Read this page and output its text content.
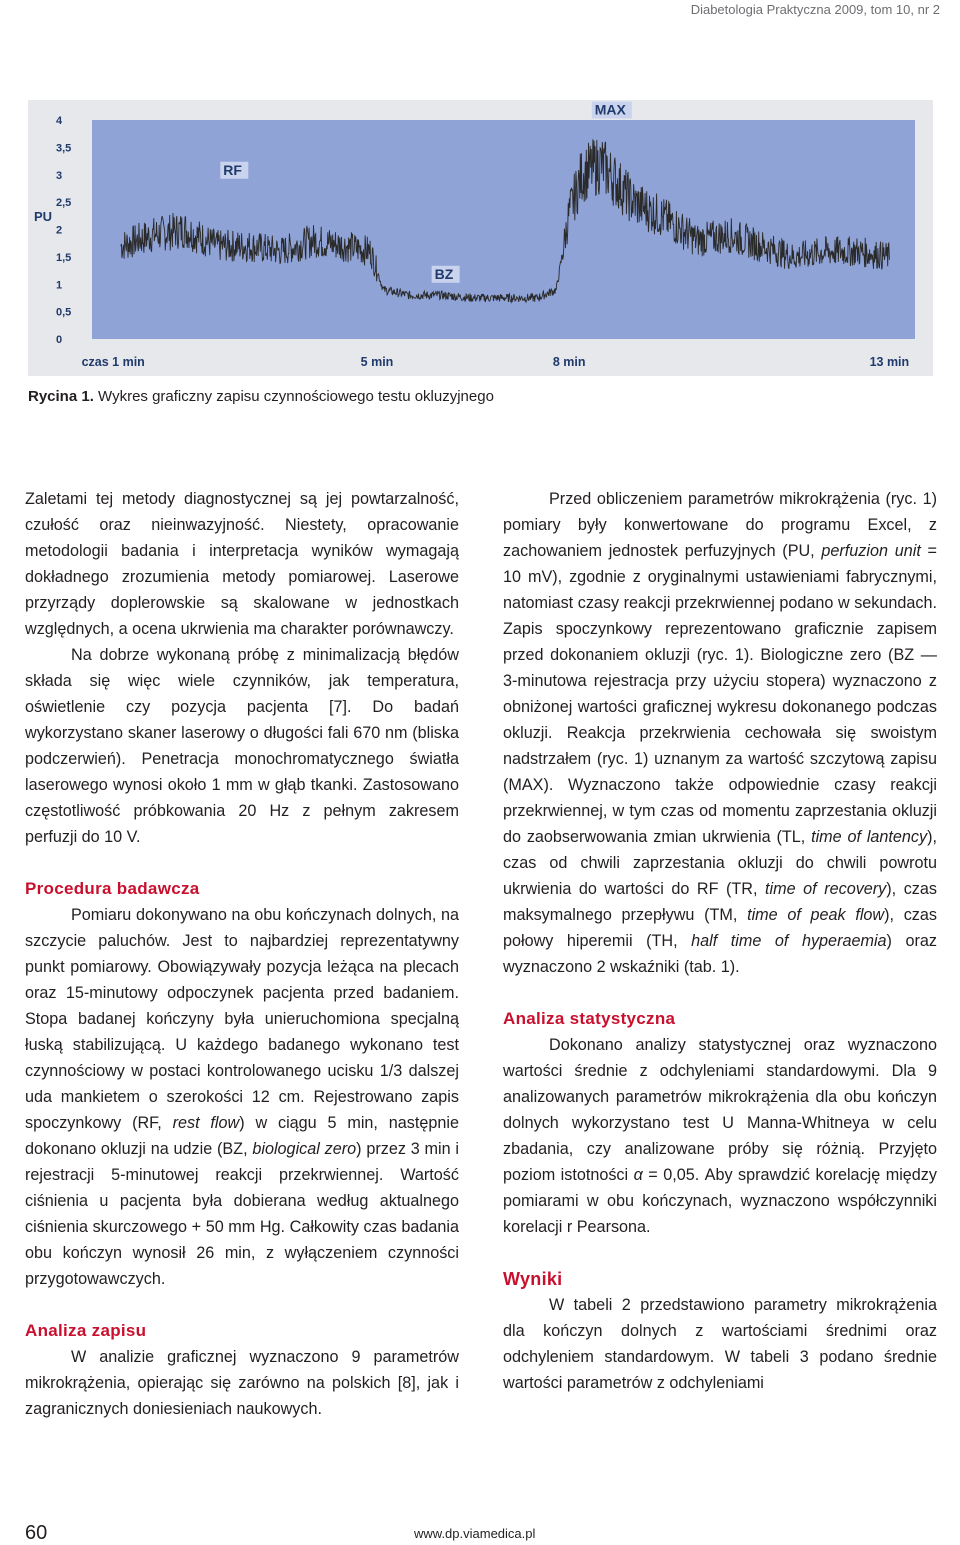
Diabetologia Praktyczna 2009, tom 10, nr 2
4
3,5
3
2,5
2
1,5
1
0,5
0
PU
czas 1 min	5 min	8 min	13 min
RF
BZ
MAX
Rycina 1. Wykres graficzny zapisu czynnościowego testu okluzyjnego

Zaletami tej metody diagnostycznej są jej powtarzalność, czułość oraz nieinwazyjność. Niestety, opracowanie metodologii badania i interpretacja wyników wymagają dokładnego zrozumienia metody pomiarowej. Laserowe przyrządy doplerowskie są skalowane w jednostkach względnych, a ocena ukrwienia ma charakter porównawczy.

Na dobrze wykonaną próbę z minimalizacją błędów składa się więc wiele czynników, jak temperatura, oświetlenie czy pozycja pacjenta [7]. Do badań wykorzystano skaner laserowy o długości fali 670 nm (bliska podczerwień). Penetracja monochromatycznego światła laserowego wynosi około 1 mm w głąb tkanki. Zastosowano częstotliwość próbkowania 20 Hz z pełnym zakresem perfuzji do 10 V.

Procedura badawcza

Pomiaru dokonywano na obu kończynach dolnych, na szczycie paluchów. Jest to najbardziej reprezentatywny punkt pomiarowy. Obowiązywały pozycja leżąca na plecach oraz 15-minutowy odpoczynek pacjenta przed badaniem. Stopa badanej kończyny była unieruchomiona specjalną łuską stabilizującą. U każdego badanego wykonano test czynnościowy w postaci kontrolowanego ucisku 1/3 dalszej uda mankietem o szerokości 12 cm. Rejestrowano zapis spoczynkowy (RF, rest flow) w ciągu 5 min, następnie dokonano okluzji na udzie (BZ, biological zero) przez 3 min i rejestracji 5-minutowej reakcji przekrwiennej. Wartość ciśnienia u pacjenta była dobierana według aktualnego ciśnienia skurczowego + 50 mm Hg. Całkowity czas badania obu kończyn wynosił 26 min, z wyłączeniem czynności przygotowawczych.

Analiza zapisu

W analizie graficznej wyznaczono 9 parametrów mikrokrążenia, opierając się zarówno na polskich [8], jak i zagranicznych doniesieniach naukowych.

Przed obliczeniem parametrów mikrokrążenia (ryc. 1) pomiary były konwertowane do programu Excel, z zachowaniem jednostek perfuzyjnych (PU, perfuzion unit = 10 mV), zgodnie z oryginalnymi ustawieniami fabrycznymi, natomiast czasy reakcji przekrwiennej podano w sekundach. Zapis spoczynkowy reprezentowano graficznie zapisem przed dokonaniem okluzji (ryc. 1). Biologiczne zero (BZ — 3-minutowa rejestracja przy użyciu stopera) wyznaczono z obniżonej wartości graficznej wykresu dokonanego podczas okluzji. Reakcja przekrwienia cechowała się swoistym nadstrzałem (ryc. 1) uznanym za wartość szczytową zapisu (MAX). Wyznaczono także odpowiednie czasy reakcji przekrwiennej, w tym czas od momentu zaprzestania okluzji do zaobserwowania zmian ukrwienia (TL, time of lantency), czas od chwili zaprzestania okluzji do chwili powrotu ukrwienia do wartości do RF (TR, time of recovery), czas maksymalnego przepływu (TM, time of peak flow), czas połowy hiperemii (TH, half time of hyperaemia) oraz wyznaczono 2 wskaźniki (tab. 1).

Analiza statystyczna

Dokonano analizy statystycznej oraz wyznaczono wartości średnie z odchyleniami standardowymi. Dla 9 analizowanych parametrów mikrokrążenia dla obu kończyn dolnych wykorzystano test U Manna-Whitneya w celu zbadania, czy analizowane próby się różnią. Przyjęto poziom istotności α = 0,05. Aby sprawdzić korelację między pomiarami w obu kończynach, wyznaczono współczynniki korelacji r Pearsona.

Wyniki

W tabeli 2 przedstawiono parametry mikrokrążenia dla kończyn dolnych z wartościami średnimi oraz odchyleniem standardowym. W tabeli 3 podano średnie wartości parametrów z odchyleniami

60	www.dp.viamedica.pl
